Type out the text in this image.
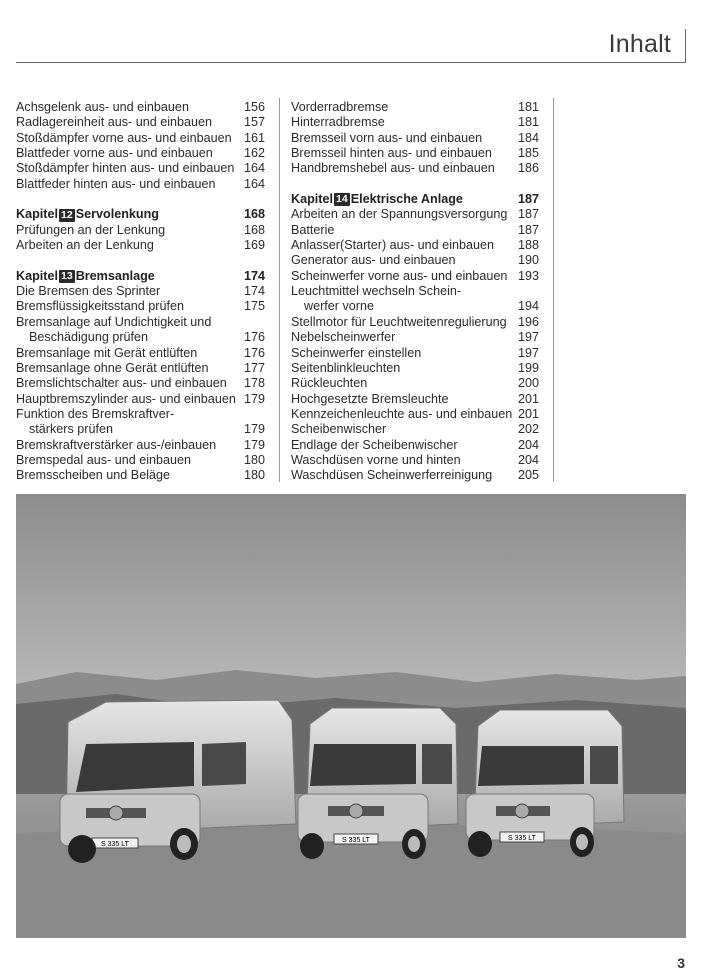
Inhalt
Achsgelenk aus- und einbauen	156
Radlagereinheit aus- und einbauen	157
Stoßdämpfer vorne aus- und einbauen 161
Blattfeder vorne aus- und einbauen 162
Stoßdämpfer hinten aus- und einbauen 164
Blattfeder hinten aus- und einbauen 164
Kapitel 12 Servolenkung	168
Prüfungen an der Lenkung	168
Arbeiten an der Lenkung	169
Kapitel 13 Bremsanlage	174
Die Bremsen des Sprinter	174
Bremsflüssigkeitsstand prüfen	175
Bremsanlage auf Undichtigkeit und
Beschädigung prüfen	176
Bremsanlage mit Gerät entlüften	176
Bremsanlage ohne Gerät entlüften	177
Bremslichtschalter aus- und einbauen 178
Hauptbremszylinder aus- und einbauen 179
Funktion des Bremskraftver-
stärkers prüfen	179
Bremskraftverstärker aus-/einbauen 179
Bremspedal aus- und einbauen	180
Bremsscheiben und Beläge	180
Vorderradbremse	181
Hinterradbremse	181
Bremsseil vorn aus- und einbauen	184
Bremsseil hinten aus- und einbauen 185
Handbremshebel aus- und einbauen 186
Kapitel 14 Elektrische Anlage	187
Arbeiten an der Spannungsversorgung 187
Batterie	187
Anlasser(Starter) aus- und einbauen 188
Generator aus- und einbauen	190
Scheinwerfer vorne aus- und einbauen 193
Leuchtmittel wechseln Schein-
werfer vorne	194
Stellmotor für Leuchtweitenregulierung 196
Nebelscheinwerfer	197
Scheinwerfer einstellen	197
Seitenblinkleuchten	199
Rückleuchten	200
Hochgesetzte Bremsleuchte	201
Kennzeichenleuchte aus- und einbauen 201
Scheibenwischer	202
Endlage der Scheibenwischer	204
Waschdüsen vorne und hinten	204
Waschdüsen Scheinwerferreinigung 205
S 335 LT
S 335 LT	S 335 LT
3
